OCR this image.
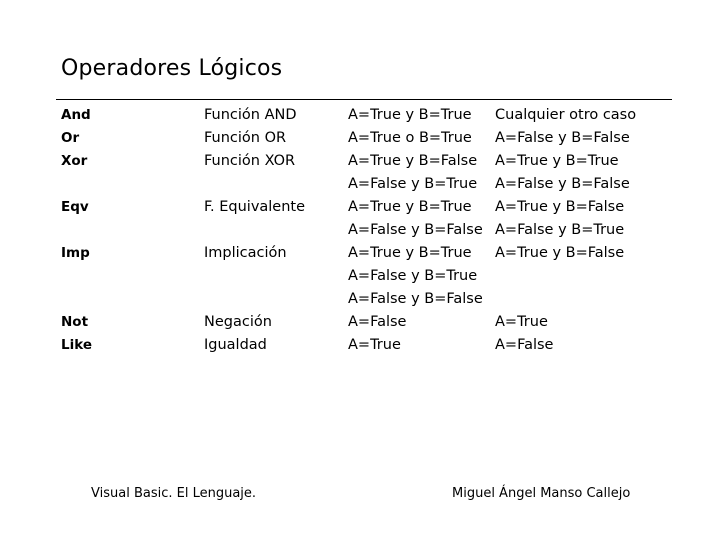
Operadores Lógicos
And
Or
Xor
Eqv
Imp
Not
Like
Función AND
Función OR
Función XOR
F. Equivalente
Implicación
Negación
Igualdad
A=True y B=True
A=True o B=True
A=True y B=False
A=False y B=True
A=True y B=True
A=False y B=False
A=True y B=True
A=False y B=True
A=False y B=False
A=False
A=True
Cualquier otro caso
A=False y B=False
A=True y B=True
A=False y B=False
A=True y B=False
A=False y B=True
A=True y B=False
A=True
A=False
Visual Basic. El Lenguaje.	Miguel Ángel Manso Callejo
